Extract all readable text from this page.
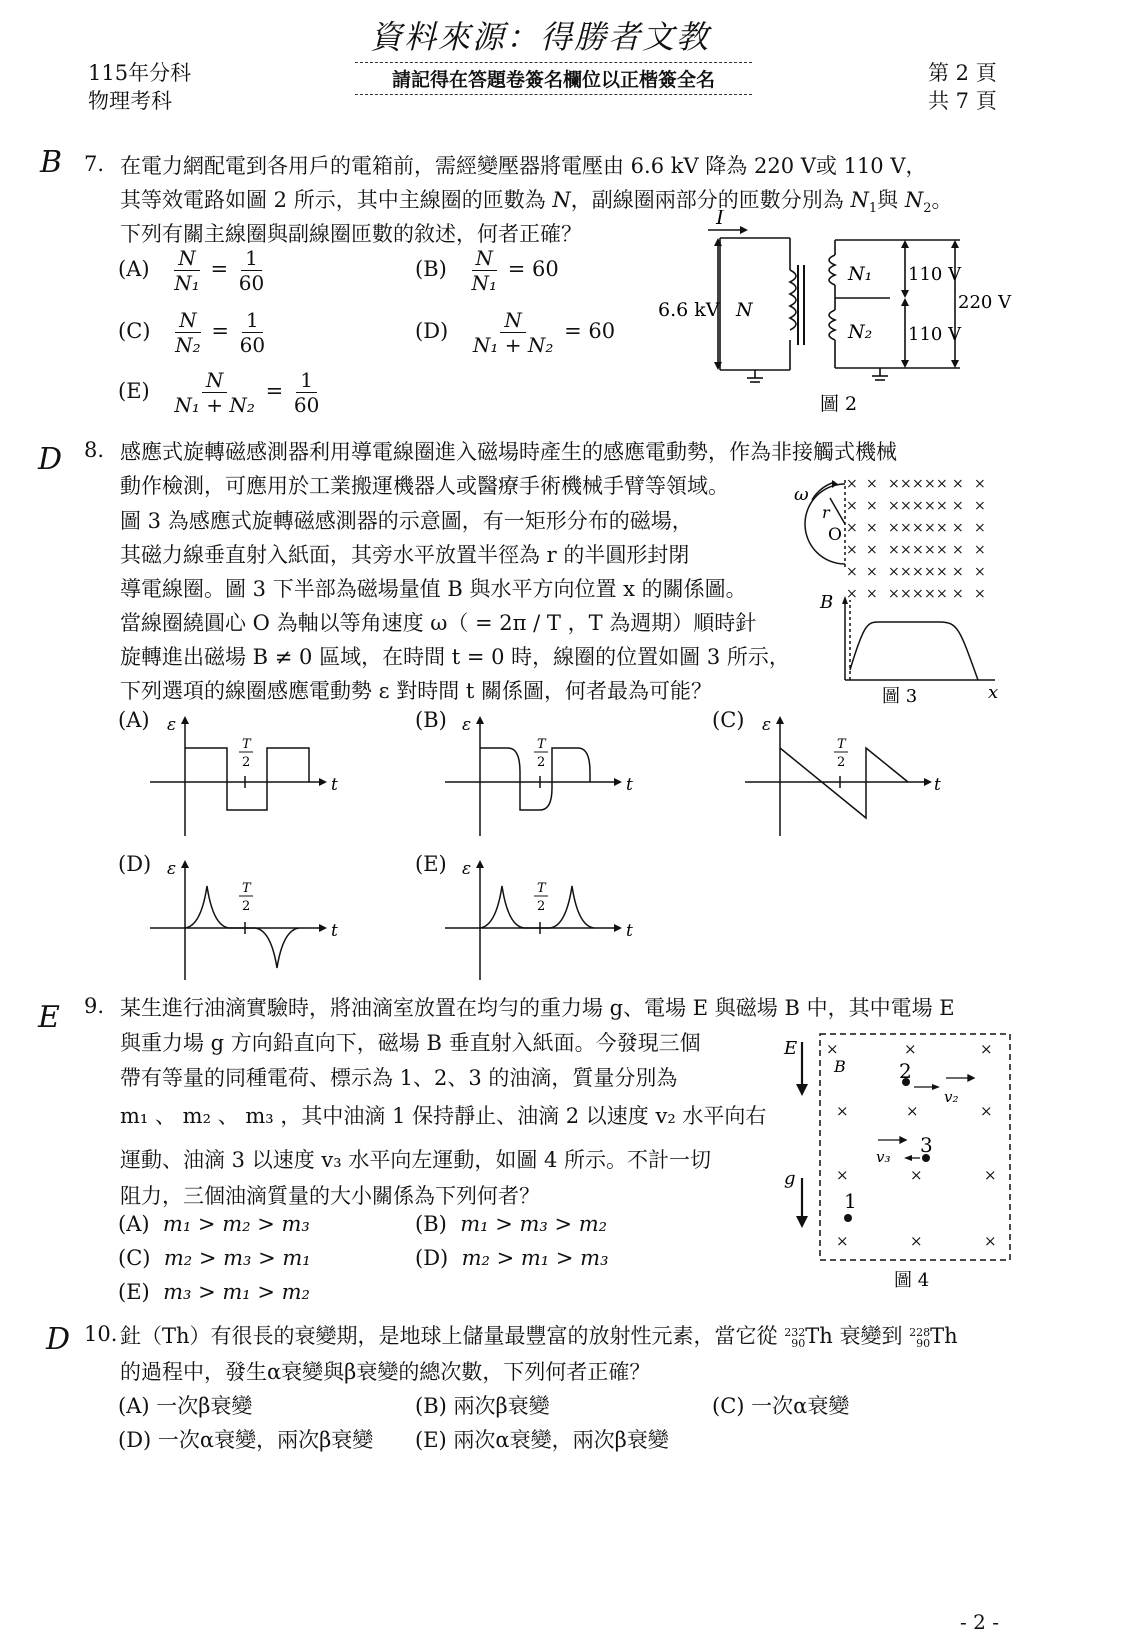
資料來源：得勝者文教
115年分科
物理考科
請記得在答題卷簽名欄位以正楷簽全名	第 2 頁
共 7 頁
B 7. 在電力網配電到各用戶的電箱前，需經變壓器將電壓由 6.6 kV 降為 220 V或 110 V，
其等效電路如圖 2 所示，其中主線圈的匝數為 N，副線圈兩部分的匝數分別為 $N_1$與 $N_2$。
下列有關主線圈與副線圈匝數的敘述，何者正確？
$(A) \frac{N}{\text{N₁}} = \frac{1}{60}$	$(B) \frac{N}{\text{N₁}} = 60$
$(C) \frac{N}{\text{N₂}} = \frac{1}{60}$	$(D) \frac{N}{\text{N₁ + N₂}} = 60$
$(E) \frac{N}{\text{N₁ + N₂}} = \frac{1}{60}$
I
6.6 kV N
N₁
N₂
110 V
110 V
220 V
圖 2
D 8. 感應式旋轉磁感測器利用導電線圈進入磁場時產生的感應電動勢，作為非接觸式機械
動作檢測，可應用於工業搬運機器人或醫療手術機械手臂等領域。
圖 3 為感應式旋轉磁感測器的示意圖，有一矩形分布的磁場，
其磁力線垂直射入紙面，其旁水平放置半徑為 r 的半圓形封閉
導電線圈。圖 3 下半部為磁場量值 B 與水平方向位置 x 的關係圖。
當線圈繞圓心 O 為軸以等角速度 ω（ = 2π / T ，T 為週期）順時針
旋轉進出磁場 B ≠ 0 區域，在時間 t = 0 時，線圈的位置如圖 3 所示，
下列選項的線圈感應電動勢 ε 對時間 t 關係圖，何者最為可能？
ω
r
O
B
x
圖 3
× × × × × × × × ×
× × × × × × × × ×
× × × × × × × × ×
× × × × × × × × ×
× × × × × × × × ×
× × × × × × × × ×
(A)	(B)	(C)
(D)	(E)
ε
t
T
2
ε
t
T
2
ε
t
T
2
ε
t
T
2
ε
t
T
2
E 9. 某生進行油滴實驗時，將油滴室放置在均勻的重力場 g、電場 E 與磁場 B 中，其中電場 E
與重力場 g 方向鉛直向下，磁場 B 垂直射入紙面。今發現三個
帶有等量的同種電荷、標示為 1、2、3 的油滴，質量分別為
m₁ 、 m₂ 、 m₃ ，其中油滴 1 保持靜止、油滴 2 以速度 v₂ 水平向右
運動、油滴 3 以速度 v₃ 水平向左運動，如圖 4 所示。不計一切
阻力，三個油滴質量的大小關係為下列何者？
(A) m₁ > m₂ > m₃	(B) m₁ > m₃ > m₂
(C) m₂ > m₃ > m₁	(D) m₂ > m₁ > m₃
(E) m₃ > m₁ > m₂
E
g
B	2
3
1
v₂
v₃
圖 4
×	×	×
×	×	×
×	×	×
×	×	×
D 10. 釷（Th）有很長的衰變期，是地球上儲量最豐富的放射性元素，當它從 232
90 Th 衰變到 228
90 Th
的過程中，發生α衰變與β衰變的總次數，下列何者正確？
(A) 一次β衰變	(B) 兩次β衰變	(C) 一次α衰變
(D) 一次α衰變，兩次β衰變 (E) 兩次α衰變，兩次β衰變
- 2 -
